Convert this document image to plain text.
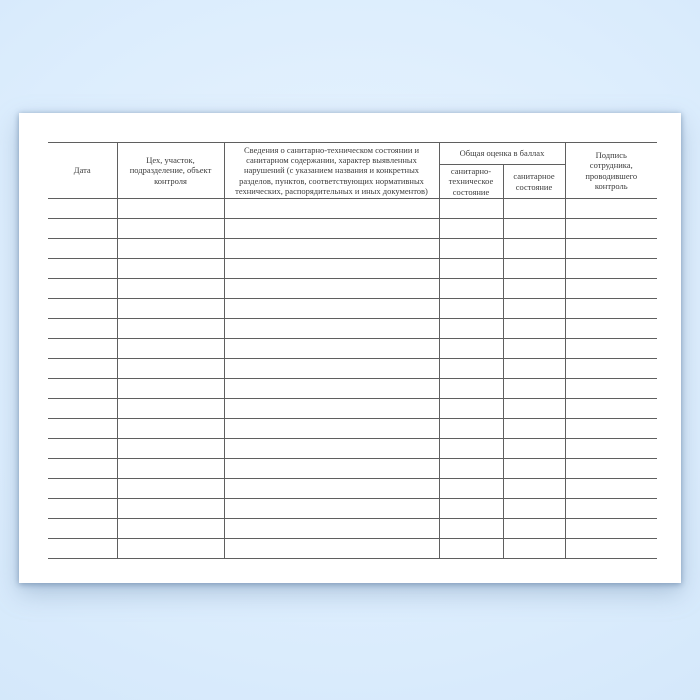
Дата	Цех, участок, подразделение, объект контроля	Сведения о санитарно-техническом состоянии и санитарном содержании, характер выявленных нарушений (с указанием названия и конкретных разделов, пунктов, соответствующих нормативных технических, распорядительных и иных документов)	Общая оценка в баллах		Подпись сотрудника, проводившего контроль
			санитарно-техническое состояние	санитарное состояние	
